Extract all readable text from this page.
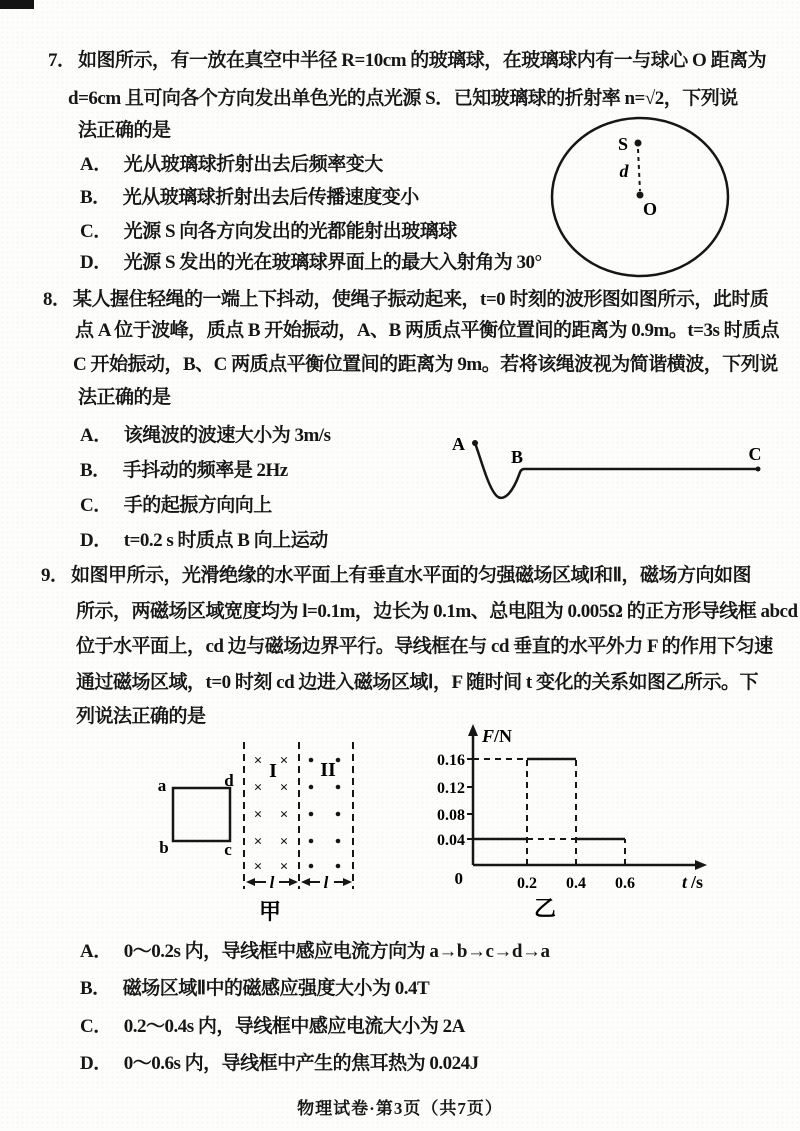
7． 如图所示，有一放在真空中半径 R=10cm 的玻璃球，在玻璃球内有一与球心 O 距离为
d=6cm 且可向各个方向发出单色光的点光源 S．已知玻璃球的折射率 n=√2，下列说
法正确的是
A． 光从玻璃球折射出去后频率变大
B． 光从玻璃球折射出去后传播速度变小
C． 光源 S 向各方向发出的光都能射出玻璃球
D． 光源 S 发出的光在玻璃球界面上的最大入射角为 30°
S
d
O
8． 某人握住轻绳的一端上下抖动，使绳子振动起来，t=0 时刻的波形图如图所示，此时质
点 A 位于波峰，质点 B 开始振动，A、B 两质点平衡位置间的距离为 0.9m。t=3s 时质点
C 开始振动，B、C 两质点平衡位置间的距离为 9m。若将该绳波视为简谐横波，下列说
法正确的是
A． 该绳波的波速大小为 3m/s
B． 手抖动的频率是 2Hz
C． 手的起振方向向上
D． t=0.2 s 时质点 B 向上运动
A
B	C
9． 如图甲所示，光滑绝缘的水平面上有垂直水平面的匀强磁场区域Ⅰ和Ⅱ，磁场方向如图
所示，两磁场区域宽度均为 l=0.1m，边长为 0.1m、总电阻为 0.005Ω 的正方形导线框 abcd
位于水平面上，cd 边与磁场边界平行。导线框在与 cd 垂直的水平外力 F 的作用下匀速
通过磁场区域，t=0 时刻 cd 边进入磁场区域Ⅰ，F 随时间 t 变化的关系如图乙所示。下
列说法正确的是
a	d
b	c
× ×
× ×
× ×
× ×
× ×
I II
l	l
甲
F /N
t /s
0
0.16
0.12
0.08
0.04
0.2 0.4 0.6
乙
A． 0～0.2s 内，导线框中感应电流方向为 a→b→c→d→a
B． 磁场区域Ⅱ中的磁感应强度大小为 0.4T
C． 0.2～0.4s 内，导线框中感应电流大小为 2A
D． 0～0.6s 内，导线框中产生的焦耳热为 0.024J
物理试卷·第3页（共7页）
